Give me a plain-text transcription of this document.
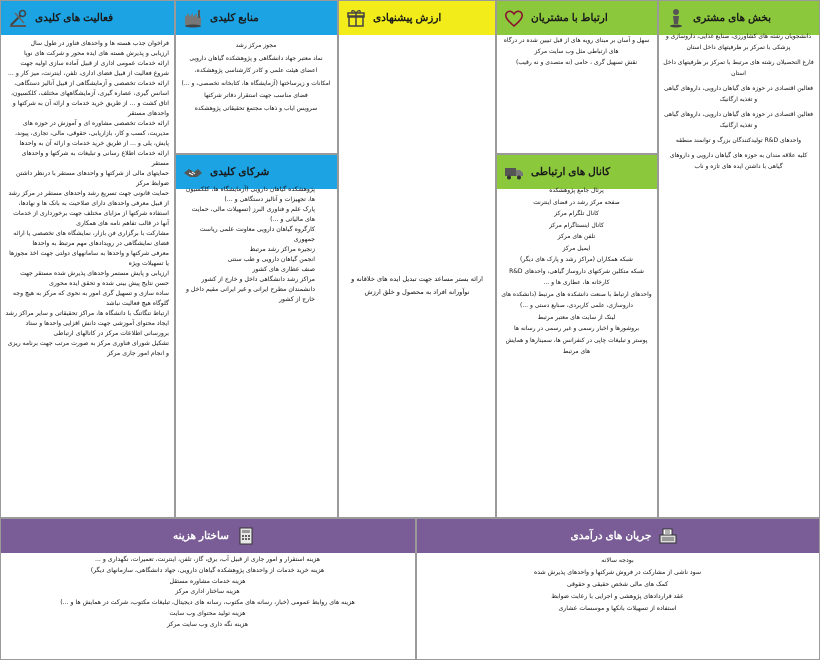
فعالیت های کلیدی
فراخوان جذب هسته ها و واحدهای فناور در طول سال
ارزیابی و پذیرش هسته های ایده محور و شرکت های نوپا
ارائه خدمات عمومی اداری از قبیل آماده سازی اولیه جهت شروع فعالیت از قبیل فضای اداری، تلفن، اینترنت، میز کار و ...
ارائه خدمات تخصصی و آزمایشگاهی از قبیل آنالیز دستگاهی، اسانس گیری، عصاره گیری، آزمایشگاههای مختلف، کلکسیون، اتاق کشت و ... از طریق خرید خدمات و ارائه آن به شرکتها و واحدهای مستقر
ارائه خدمات تخصصی مشاوره ای و آموزش در حوزه های مدیریت، کسب و کار، بازاریابی، حقوقی، مالی، تجاری، پیوند، پایش، یلی و ... از طریق خرید خدمات و ارائه آن به واحدها
ارائه خدمات اطلاع رسانی و تبلیغات به شرکتها و واحدهای مستقر
حمایتهای مالی از شرکتها و واحدهای مستقر با درنظر داشتن ضوابط مرکز
حمایت قانونی جهت تسریع رشد واحدهای مستقر در مرکز رشد از قبیل معرفی واحدهای دارای صلاحیت به بانک ها و نهادها، استفاده شرکتها از مزایای مختلف جهت برخورداری از خدمات آنها در قالب تفاهم نامه های همکاری
مشارکت با برگزاری فن بازار، نمایشگاه های تخصصی یا ارائه فضای نمایشگاهی در رویدادهای مهم مرتبط به واحدها
معرفی شرکتها و واحدها به سامانههای دولتی جهت اخذ مجوزها یا تسهیلات ویژه
ارزیابی و پایش مستمر واحدهای پذیرش شده مستقر جهت حسن نتایج پیش بینی شده و تحقق ایده محوری
ساده سازی و تسهیل گری امور به نحوی که مرکز به هیچ وجه گلوگاه هیچ فعالیت نباشد
ارتباط تنگاتنگ با دانشگاه ها، مراکز تحقیقاتی و سایر مراکز رشد ایجاد محتوای آموزشی جهت دانش افزایی واحدها و ستاد
برورسانی اطلاعات مرکز در کانالهای ارتباطی
تشکیل شورای فناوری مرکز به صورت مرتب جهت برنامه ریزی و انجام امور جاری مرکز
منابع کلیدی
مجوز مرکز رشد
نماد معتبر جهاد دانشگاهی و پژوهشکده گیاهان دارویی
اعضای هیئت علمی و کادر کارشناسی پژوهشکده،
امکانات و زیرساختها (آزمایشگاه ها، کتابخانه تخصصی، و ...)
فضای مناسب جهت استقرار دفاتر شرکتها
سرویس ایاب و ذهاب مجتمع تحقیقاتی پژوهشکده
شرکای کلیدی
پژوهشکده گیاهان دارویی (آزمایشگاه ها، کلکسیون ها، تجهیزات و آنالیز دستگاهی و ...)
پارک علم و فناوری البرز (تسهیلات مالی، حمایت های مالیاتی و ...)
کارگروه گیاهان دارویی معاونت علمی ریاست جمهوری
زنجیره مراکز رشد مرتبط
انجمن گیاهان دارویی و طب سنتی
صنف عطاری های کشور
مراکز رشد دانشگاهی داخل و خارج از کشور
دانشمندان مطرح ایرانی و غیر ایرانی مقیم داخل و خارج از کشور
ارزش پیشنهادی
ارائه بستر مساعد جهت تبدیل ایده های خلاقانه و نوآورانه افراد به محصول و خلق ارزش
ارتباط با مشتریان
سهل و آسان بر مبنای رویه های از قبل تبیین شده در درگاه های ارتباطی مثل وب سایت مرکز
نقش تسهیل گری ، حامی (نه متصدی و نه رقیب)
کانال های ارتباطی
پرتال جامع پژوهشکده
صفحه مرکز رشد در فضای اینترنت
کانال تلگرام مرکز
کانال اینستاگرام مرکز
تلفن های مرکز
ایمیل مرکز
شبکه همکاران (مراکز رشد و پارک های دیگر)
شبکه متکلین شرکتهای داروساز گیاهی، واحدهای R&D کارخانه ها، عطاری ها و ...
واحدهای ارتباط با صنعت دانشکده های مرتبط (دانشکده های داروسازی، علمی کاربردی، صنایع دستی و ...)
لینک از سایت های معتبر مرتبط
بروشورها و اخبار رسمی و غیر رسمی در رسانه ها
پوستر و تبلیغات چاپی در کنفرانس ها، سمینارها و همایش های مرتبط
بخش های مشتری
دانشجویان رشته های کشاورزی، صنایع غذایی، داروسازی و پزشکی با تمرکز بر ظرفیتهای داخل استان
فارغ التحصیلان رشته های مرتبط با تمرکز بر ظرفیتهای داخل استان
فعالین اقتصادی در حوزه های گیاهان دارویی، داروهای گیاهی و تغذیه ارگانیک
فعالین اقتصادی در حوزه های گیاهان دارویی، داروهای گیاهی و تغذیه ارگانیک
واحدهای R&D تولیدکنندگان بزرگ و توانمند منطقه
کلیه علاقه مندان به حوزه های گیاهان دارویی و داروهای گیاهی با داشتن ایده های تازه و ناب
ساختار هزینه
هزینه استقرار و امور جاری از قبیل آب، برق، گاز، تلفن، اینترنت، تعمیرات، نگهداری و ...
هزینه خرید خدمات از واحدهای پژوهشکده گیاهان دارویی، جهاد دانشگاهی، سازمانهای دیگر)
هزینه خدمات مشاوره مستقل
هزینه ساختار اداری مرکز
هزینه های روابط عمومی (خبار، رسانه های مکتوب، رسانه های دیجیتال، تبلیغات مکتوب، شرکت در همایش ها و ...)
هزینه تولید محتوای وب سایت
هزینه نگه داری وب سایت مرکز
جریان های درآمدی
بودجه سالانه
سود ناشی از مشارکت در فروش شرکتها و واحدهای پذیرش شده
کمک های مالی شخص حقیقی و حقوقی
عقد قراردادهای پژوهشی و اجرایی با رعایت ضوابط
استفاده از تسهیلات بانکها و موسسات عشاری
